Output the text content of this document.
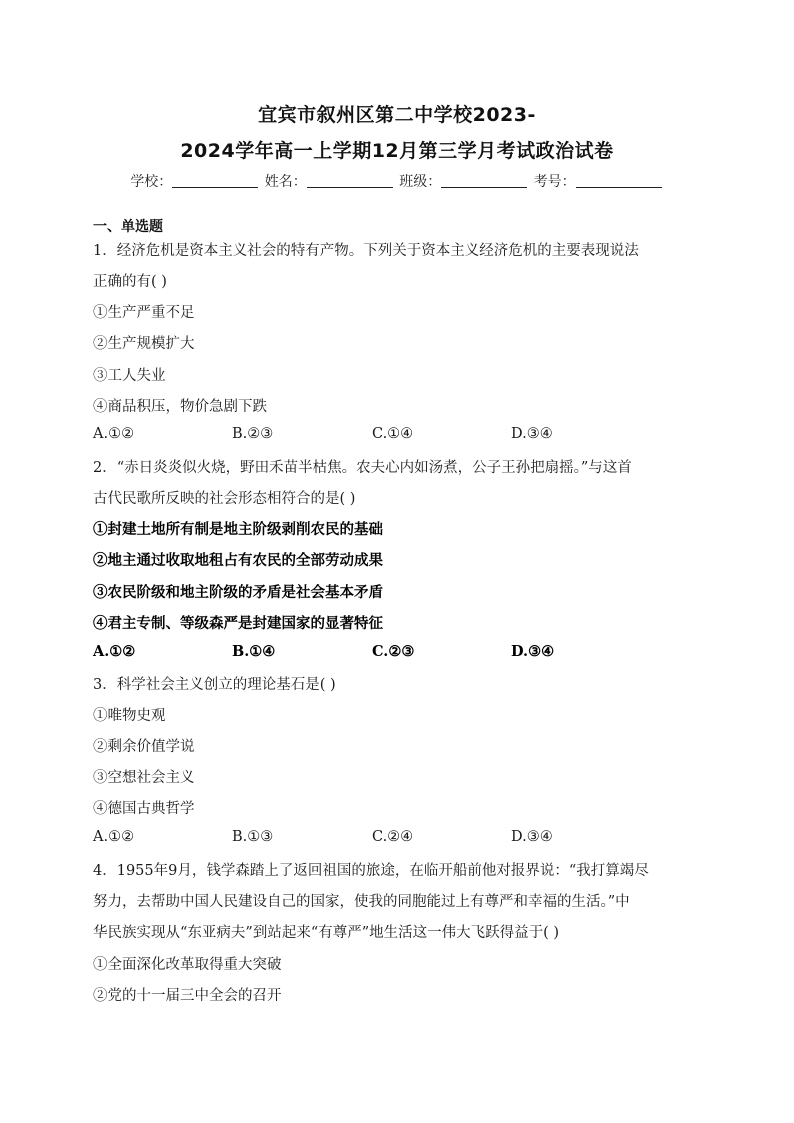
宜宾市叙州区第二中学校2023-
2024学年高一上学期12月第三学月考试政治试卷
学校：	姓名：	班级：	考号：
一、单选题
1．经济危机是资本主义社会的特有产物。下列关于资本主义经济危机的主要表现说法
正确的有( )
①生产严重不足
②生产规模扩大
③工人失业
④商品积压，物价急剧下跌
A.①②	B.②③	C.①④	D.③④
2．“赤日炎炎似火烧，野田禾苗半枯焦。农夫心内如汤煮，公子王孙把扇摇。”与这首
古代民歌所反映的社会形态相符合的是( )
①封建土地所有制是地主阶级剥削农民的基础
②地主通过收取地租占有农民的全部劳动成果
③农民阶级和地主阶级的矛盾是社会基本矛盾
④君主专制、等级森严是封建国家的显著特征
A.①②	B.①④	C.②③	D.③④
3．科学社会主义创立的理论基石是( )
①唯物史观
②剩余价值学说
③空想社会主义
④德国古典哲学
A.①②	B.①③	C.②④	D.③④
4．1955年9月，钱学森踏上了返回祖国的旅途，在临开船前他对报界说：“我打算竭尽
努力，去帮助中国人民建设自己的国家，使我的同胞能过上有尊严和幸福的生活。”中
华民族实现从“东亚病夫”到站起来“有尊严”地生活这一伟大飞跃得益于( )
①全面深化改革取得重大突破
②党的十一届三中全会的召开
